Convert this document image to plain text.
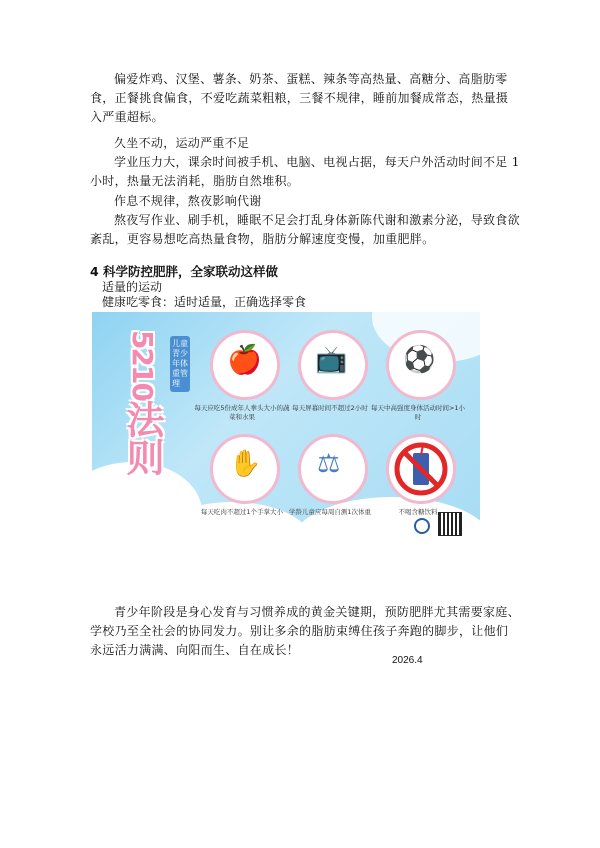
偏爱炸鸡、汉堡、薯条、奶茶、蛋糕、辣条等高热量、高糖分、高脂肪零食，正餐挑食偏食，不爱吃蔬菜粗粮，三餐不规律，睡前加餐成常态，热量摄入严重超标。
久坐不动，运动严重不足
学业压力大，课余时间被手机、电脑、电视占据，每天户外活动时间不足 1 小时，热量无法消耗，脂肪自然堆积。
作息不规律，熬夜影响代谢
熬夜写作业、刷手机，睡眠不足会打乱身体新陈代谢和激素分泌，导致食欲紊乱，更容易想吃高热量食物，脂肪分解速度变慢，加重肥胖。
4 科学防控肥胖，全家联动这样做
适量的运动
健康吃零食：适时适量，正确选择零食
5210
法则
儿童青少年体重管理
🍎
每天应吃5份成年人拳头大小的蔬菜和水果
📺
每天屏幕时间不超过2小时
⚽
每天中高强度身体活动时间>1小时
✋
每天吃肉不超过1个手掌大小
⚖
学龄儿童应每周自测1次体重	不喝含糖饮料
青少年阶段是身心发育与习惯养成的黄金关键期，预防肥胖尤其需要家庭、学校乃至全社会的协同发力。别让多余的脂肪束缚住孩子奔跑的脚步，让他们永远活力满满、向阳而生、自在成长！
2026.4
